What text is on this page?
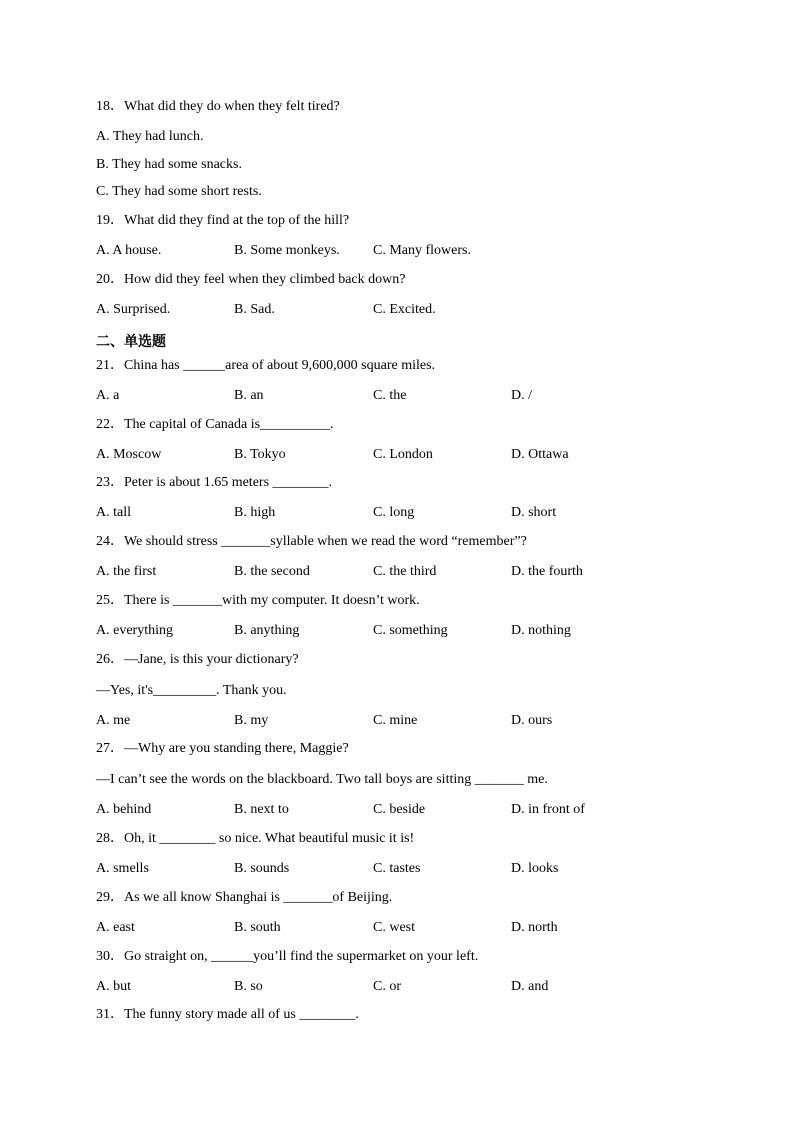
18．What did they do when they felt tired?
A. They had lunch.
B. They had some snacks.
C. They had some short rests.
19．What did they find at the top of the hill?
A. A house.	B. Some monkeys. C. Many flowers.
20．How did they feel when they climbed back down?
A. Surprised.	B. Sad.	C. Excited.
二、单选题
21．China has ______area of about 9,600,000 square miles.
A. a	B. an	C. the	D. /
22．The capital of Canada is__________.
A. Moscow	B. Tokyo	C. London	D. Ottawa
23．Peter is about 1.65 meters ________.
A. tall	B. high	C. long	D. short
24．We should stress _______syllable when we read the word “remember”?
A. the first	B. the second	C. the third	D. the fourth
25．There is _______with my computer. It doesn’t work.
A. everything	B. anything	C. something	D. nothing
26．—Jane, is this your dictionary?
—Yes, it's_________. Thank you.
A. me	B. my	C. mine	D. ours
27．—Why are you standing there, Maggie?
—I can’t see the words on the blackboard. Two tall boys are sitting _______ me.
A. behind	B. next to	C. beside	D. in front of
28．Oh, it ________ so nice. What beautiful music it is!
A. smells	B. sounds	C. tastes	D. looks
29．As we all know Shanghai is _______of Beijing.
A. east	B. south	C. west	D. north
30．Go straight on, ______you’ll find the supermarket on your left.
A. but	B. so	C. or	D. and
31．The funny story made all of us ________.
